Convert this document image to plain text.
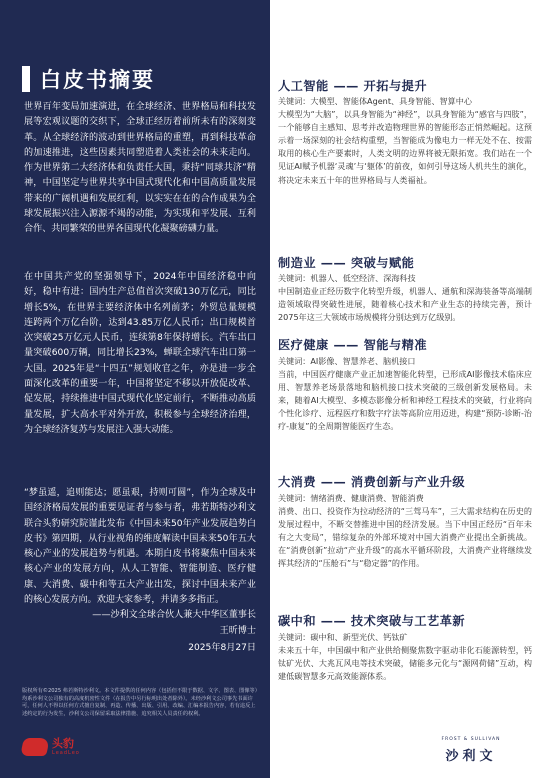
白皮书摘要
世界百年变局加速演进，在全球经济、世界格局和科技发展等宏观议题的交织下，全球正经历着前所未有的深刻变革。从全球经济的波动到世界格局的重塑，再到科技革命的加速推进，这些因素共同塑造着人类社会的未来走向。作为世界第二大经济体和负责任大国，秉持“同球共济”精神，中国坚定与世界共享中国式现代化和中国高质量发展带来的广阔机遇和发展红利，以实实在在的合作成果为全球发展振兴注入源源不竭的动能，为实现和平发展、互利合作、共同繁荣的世界各国现代化凝聚磅礴力量。
在中国共产党的坚强领导下，2024年中国经济稳中向好，稳中有进：国内生产总值首次突破130万亿元，同比增长5%，在世界主要经济体中名列前茅；外贸总量规模连跨两个万亿台阶，达到43.85万亿人民币；出口规模首次突破25万亿元人民币，连续第8年保持增长。汽车出口量突破600万辆，同比增长23%，蝉联全球汽车出口第一大国。2025年是“十四五”规划收官之年，亦是进一步全面深化改革的重要一年，中国将坚定不移以开放促改革、促发展，持续推进中国式现代化坚定前行，不断推动高质量发展，扩大高水平对外开放，积极参与全球经济治理，为全球经济复苏与发展注入强大动能。
“梦虽遥，追则能达；愿虽艰，持则可圆”，作为全球及中国经济格局发展的重要见证者与参与者，弗若斯特沙利文联合头豹研究院谨此发布《中国未来50年产业发展趋势白皮书》第四期，从行业视角的维度解读中国未来50年五大核心产业的发展趋势与机遇。本期白皮书将聚焦中国未来核心产业的发展方向，从人工智能、智能制造、医疗健康、大消费、碳中和等五大产业出发，探讨中国未来产业的核心发展方向。欢迎大家参考，并请多多指正。
——沙利文全球合伙人兼大中华区董事长
王昕博士
2025年8月27日
版权所有©2025 弗若斯特沙利文。本文件提供的任何内容（包括但不限于数据、文字、图表、图像等）均系沙利文公司独有的高度机密性文件（在报告中另行标明出处者除外）。未经沙利文公司事先书面许可，任何人不得以任何方式擅自复制、再造、传播、出版、引用、改编、汇编本报告内容，若有违反上述约定的行为发生，沙利文公司保留采取法律措施、追究相关人员责任的权利。
头豹
LeadLeo
人工智能 —— 开拓与提升
关键词：大模型、智能体Agent、具身智能、智算中心
大模型为“大脑”，以具身智能为“神经”，以具身智能为“感官与四肢”，一个能够自主感知、思考并改造物理世界的智能形态正悄然崛起。这预示着一场深刻的社会结构重塑，当智能成为像电力一样无处不在、按需取用的核心生产要素时，人类文明的边界将被无限拓宽。我们站在一个见证AI赋予机器‘灵魂’与‘躯体’的前夜，如何引导这场人机共生的演化，将决定未来五十年的世界格局与人类福祉。
制造业 —— 突破与赋能
关键词：机器人、低空经济、深海科技
中国制造业正经历数字化转型升级，机器人、通航和深海装备等高端制造领域取得突破性进展，随着核心技术和产业生态的持续完善，预计2075年这三大领域市场规模将分别达到万亿级别。
医疗健康 —— 智能与精准
关键词：AI影像、智慧养老、脑机接口
当前，中国医疗健康产业正加速智能化转型，已形成AI影像技术临床应用、智慧养老场景落地和脑机接口技术突破的三级创新发展格局。未来，随着AI大模型、多模态影像分析和神经工程技术的突破，行业将向个性化诊疗、远程医疗和数字疗法等高阶应用迈进，构建“预防-诊断-治疗-康复”的全周期智能医疗生态。
大消费 —— 消费创新与产业升级
关键词：情绪消费、健康消费、智能消费
消费、出口、投资作为拉动经济的“三驾马车”，三大需求结构在历史的发展过程中，不断交替推进中国的经济发展。当下中国正经历“百年未有之大变局”，错综复杂的外部环境对中国大消费产业提出全新挑战。在“消费创新”拉动“产业升级”的高水平循环阶段，大消费产业将继续发挥其经济的“压舱石”与“稳定器”的作用。
碳中和 —— 技术突破与工艺革新
关键词：碳中和、新型光伏、钙钛矿
未来五十年，中国碳中和产业供给侧聚焦数字驱动非化石能源转型，钙钛矿光伏、大兆瓦风电等技术突破，储能多元化与“源网荷储”互动，构建低碳智慧多元高效能源体系。
FROST & SULLIVAN
沙利文
